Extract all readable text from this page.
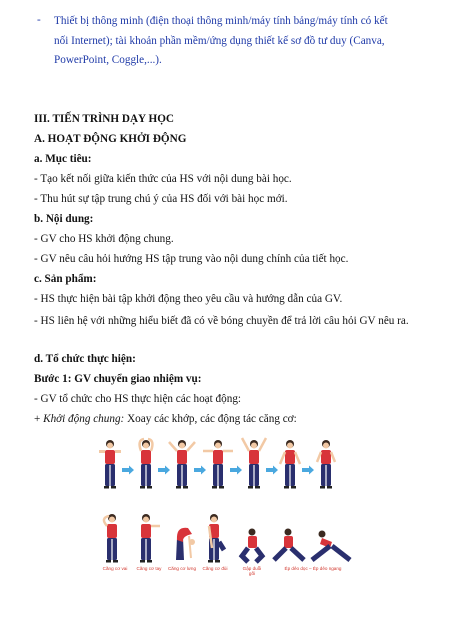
- Thiết bị thông minh (điện thoại thông minh/máy tính bảng/máy tính có kết nối Internet); tài khoản phần mềm/ứng dụng thiết kế sơ đồ tư duy (Canva, PowerPoint, Coggle,...).
III. TIẾN TRÌNH DẠY HỌC
A. HOẠT ĐỘNG KHỞI ĐỘNG
a. Mục tiêu:
- Tạo kết nối giữa kiến thức của HS với nội dung bài học.
- Thu hút sự tập trung chú ý của HS đối với bài học mới.
b. Nội dung:
- GV cho HS khởi động chung.
- GV nêu câu hỏi hướng HS tập trung vào nội dung chính của tiết học.
c. Sản phẩm:
- HS thực hiện bài tập khởi động theo yêu cầu và hướng dẫn của GV.
- HS liên hệ với những hiểu biết đã có về bóng chuyền để trả lời câu hỏi GV nêu ra.
d. Tổ chức thực hiện:
Bước 1: GV chuyển giao nhiệm vụ:
- GV tổ chức cho HS thực hiện các hoạt động:
+ Khởi động chung: Xoay các khớp, các động tác căng cơ:
Căng cơ vai	Căng cơ tay	Căng cơ lưng	Căng cơ đùi	Gập duỗi gối
Ép dẻo dọc – Ép dẻo ngang
